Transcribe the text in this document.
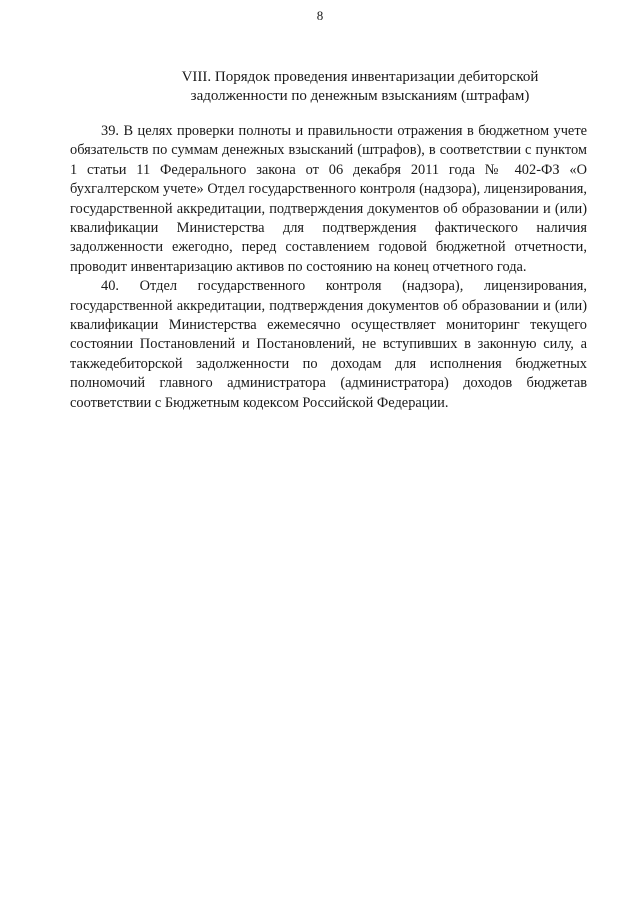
8
VIII. Порядок проведения инвентаризации дебиторской
задолженности по денежным взысканиям (штрафам)

39. В целях проверки полноты и правильности отражения в бюджетном учете обязательств по суммам денежных взысканий (штрафов), в соответствии с пунктом 1 статьи 11 Федерального закона от 06 декабря 2011 года № 402-ФЗ «О бухгалтерском учете» Отдел государственного контроля (надзора), лицензирования, государственной аккредитации, подтверждения документов об образовании и (или) квалификации Министерства для подтверждения фактического наличия задолженности ежегодно, перед составлением годовой бюджетной отчетности, проводит инвентаризацию активов по состоянию на конец отчетного года.

40. Отдел государственного контроля (надзора), лицензирования, государственной аккредитации, подтверждения документов об образовании и (или) квалификации Министерства ежемесячно осуществляет мониторинг текущего состоянии Постановлений и Постановлений, не вступивших в законную силу, а такжедебиторской задолженности по доходам для исполнения бюджетных полномочий главного администратора (администратора) доходов бюджетав соответствии с Бюджетным кодексом Российской Федерации.
